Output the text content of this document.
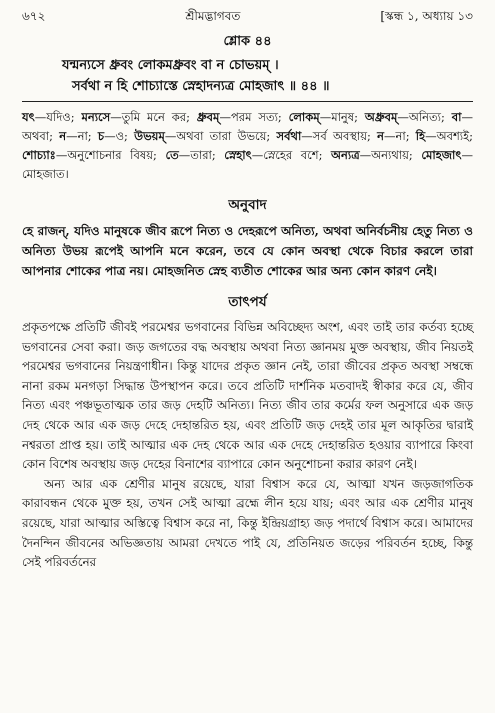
৬৭২	শ্রীমদ্ভাগবত	[স্কন্ধ ১, অধ্যায় ১৩
শ্লোক ৪৪
যন্মন্যসে ধ্রুবং লোকমধ্রুবং বা ন চোভয়ম্ ।
সর্বথা ন হি শোচ্যাস্তে স্নেহাদন্যত্র মোহজাৎ ॥ ৪৪ ॥
যৎ—যদিও; মন্যসে—তুমি মনে কর; ধ্রুবম্—পরম সত্য; লোকম্—মানুষ; অধ্রুবম্—অনিত্য; বা—অথবা; ন—না; চ—ও; উভয়ম্—অথবা তারা উভয়ে; সর্বথা—সর্ব অবস্থায়; ন—না; হি—অবশ্যই; শোচ্যাঃ—অনুশোচনার বিষয়; তে—তারা; স্নেহাৎ—স্নেহের বশে; অন্যত্র—অন্যথায়; মোহজাৎ—মোহজাত।
অনুবাদ
হে রাজন্, যদিও মানুষকে জীব রূপে নিত্য ও দেহরূপে অনিত্য, অথবা অনির্বচনীয় হেতু নিত্য ও অনিত্য উভয় রূপেই আপনি মনে করেন, তবে যে কোন অবস্থা থেকে বিচার করলে তারা আপনার শোকের পাত্র নয়। মোহজনিত স্নেহ ব্যতীত শোকের আর অন্য কোন কারণ নেই।
তাৎপর্য

প্রকৃতপক্ষে প্রতিটি জীবই পরমেশ্বর ভগবানের বিভিন্ন অবিচ্ছেদ্য অংশ, এবং তাই তার কর্তব্য হচ্ছে ভগবানের সেবা করা। জড় জগতের বদ্ধ অবস্থায় অথবা নিত্য জ্ঞানময় মুক্ত অবস্থায়, জীব নিয়তই পরমেশ্বর ভগবানের নিয়ন্ত্রণাধীন। কিন্তু যাদের প্রকৃত জ্ঞান নেই, তারা জীবের প্রকৃত অবস্থা সম্বন্ধে নানা রকম মনগড়া সিদ্ধান্ত উপস্থাপন করে। তবে প্রতিটি দার্শনিক মতবাদই স্বীকার করে যে, জীব নিত্য এবং পঞ্চভূতাত্মক তার জড় দেহটি অনিত্য। নিত্য জীব তার কর্মের ফল অনুসারে এক জড় দেহ থেকে আর এক জড় দেহে দেহান্তরিত হয়, এবং প্রতিটি জড় দেহই তার মূল আকৃতির দ্বারাই নশ্বরতা প্রাপ্ত হয়। তাই আত্মার এক দেহ থেকে আর এক দেহে দেহান্তরিত হওয়ার ব্যাপারে কিংবা কোন বিশেষ অবস্থায় জড় দেহের বিনাশের ব্যাপারে কোন অনুশোচনা করার কারণ নেই।

অন্য আর এক শ্রেণীর মানুষ রয়েছে, যারা বিশ্বাস করে যে, আত্মা যখন জড়জাগতিক কারাবন্ধন থেকে মুক্ত হয়, তখন সেই আত্মা ব্রহ্মে লীন হয়ে যায়; এবং আর এক শ্রেণীর মানুষ রয়েছে, যারা আত্মার অস্তিত্বে বিশ্বাস করে না, কিন্তু ইন্দ্রিয়গ্রাহ্য জড় পদার্থে বিশ্বাস করে। আমাদের দৈনন্দিন জীবনের অভিজ্ঞতায় আমরা দেখতে পাই যে, প্রতিনিয়ত জড়ের পরিবর্তন হচ্ছে, কিন্তু সেই পরিবর্তনের
